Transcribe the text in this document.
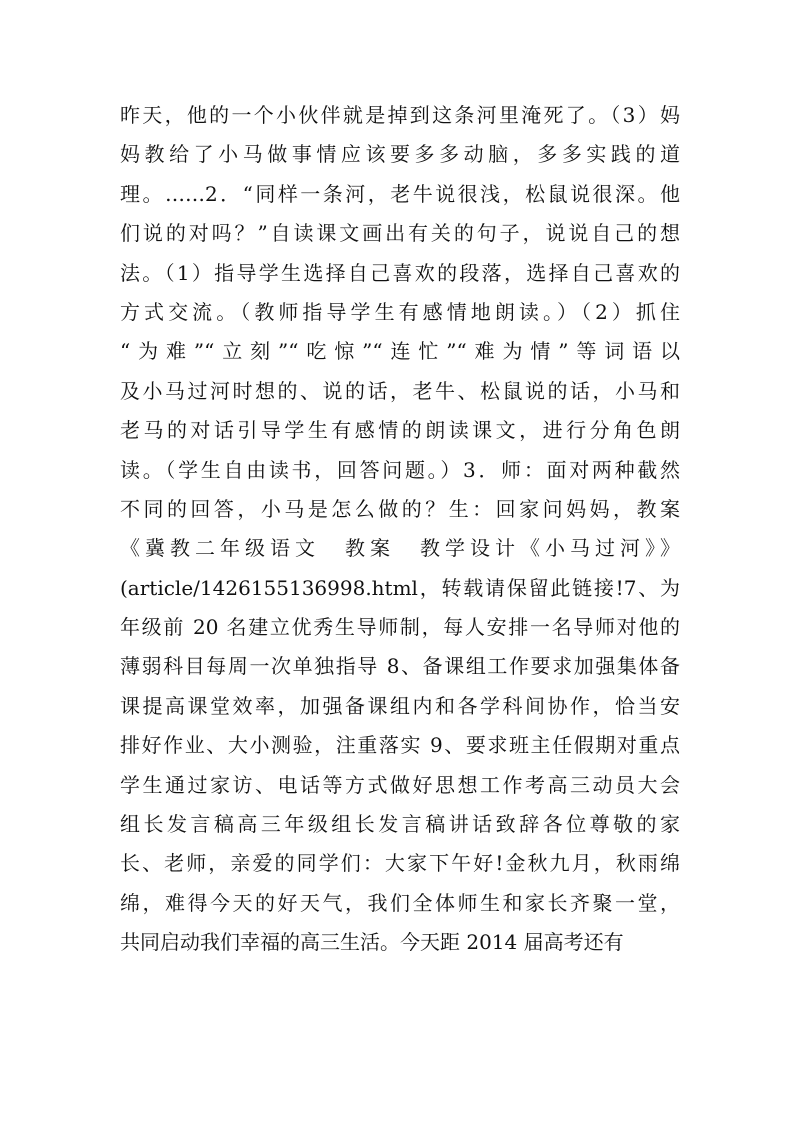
昨天，他的一个小伙伴就是掉到这条河里淹死了。（3）妈
妈教给了小马做事情应该要多多动脑，多多实践的道
理。……2．“同样一条河，老牛说很浅，松鼠说很深。他
们说的对吗？”自读课文画出有关的句子，说说自己的想
法。（1）指导学生选择自己喜欢的段落，选择自己喜欢的
方式交流。（教师指导学生有感情地朗读。）（2）抓住
“为难”“立刻”“吃惊”“连忙”“难为情”等词语以
及小马过河时想的、说的话，老牛、松鼠说的话，小马和
老马的对话引导学生有感情的朗读课文，进行分角色朗
读。（学生自由读书，回答问题。）3．师：面对两种截然
不同的回答，小马是怎么做的？生：回家问妈妈，教案
《冀教二年级语文　教案　教学设计《小马过河》》
(article/1426155136998.html，转载请保留此链接!7、为
年级前 20 名建立优秀生导师制，每人安排一名导师对他的
薄弱科目每周一次单独指导 8、备课组工作要求加强集体备
课提高课堂效率，加强备课组内和各学科间协作，恰当安
排好作业、大小测验，注重落实 9、要求班主任假期对重点
学生通过家访、电话等方式做好思想工作考高三动员大会
组长发言稿高三年级组长发言稿讲话致辞各位尊敬的家
长、老师，亲爱的同学们：大家下午好!金秋九月，秋雨绵
绵，难得今天的好天气，我们全体师生和家长齐聚一堂，
共同启动我们幸福的高三生活。今天距 2014 届高考还有
